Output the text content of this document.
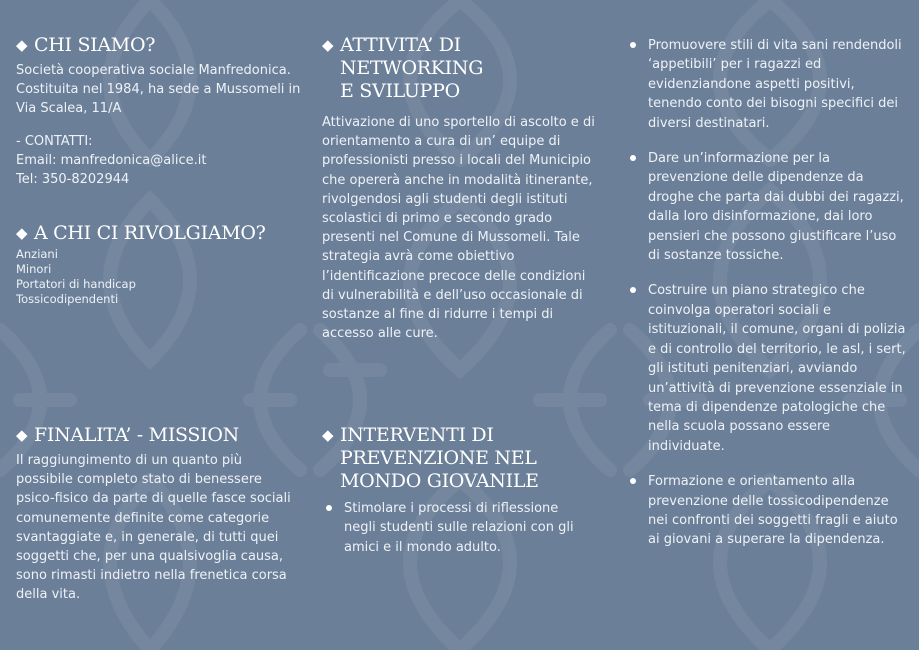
◆ CHI SIAMO?

Società cooperativa sociale Manfredonica. Costituita nel 1984, ha sede a Mussomeli in Via Scalea, 11/A

- CONTATTI:

Email: manfredonica@alice.it

Tel: 350-8202944

◆ A CHI CI RIVOLGIAMO?
Anziani
Minori
Portatori di handicap
Tossicodipendenti
◆ FINALITA’ - MISSION

Il raggiungimento di un quanto più possibile completo stato di benessere psico-fisico da parte di quelle fasce sociali comunemente definite come categorie svantaggiate e, in generale, di tutti quei soggetti che, per una qualsivoglia causa, sono rimasti indietro nella frenetica corsa della vita.

◆ ATTIVITA’ DI NETWORKING
E SVILUPPO

Attivazione di uno sportello di ascolto e di orientamento a cura di un’ equipe di professionisti presso i locali del Municipio che opererà anche in modalità itinerante, rivolgendosi agli studenti degli istituti scolastici di primo e secondo grado presenti nel Comune di Mussomeli. Tale strategia avrà come obiettivo l’identificazione precoce delle condizioni di vulnerabilità e dell’uso occasionale di sostanze al fine di ridurre i tempi di accesso alle cure.

◆ INTERVENTI DI
PREVENZIONE NEL
MONDO GIOVANILE
Stimolare i processi di riflessione negli studenti sulle relazioni con gli amici e il mondo adulto.
Promuovere stili di vita sani rendendoli ‘appetibili’ per i ragazzi ed evidenziandone aspetti positivi, tenendo conto dei bisogni specifici dei diversi destinatari.
Dare un’informazione per la prevenzione delle dipendenze da droghe che parta dai dubbi dei ragazzi, dalla loro disinformazione, dai loro pensieri che possono giustificare l’uso di sostanze tossiche.
Costruire un piano strategico che coinvolga operatori sociali e istituzionali, il comune, organi di polizia e di controllo del territorio, le asl, i sert, gli istituti penitenziari, avviando un’attività di prevenzione essenziale in tema di dipendenze patologiche che nella scuola possano essere individuate.
Formazione e orientamento alla prevenzione delle tossicodipendenze nei confronti dei soggetti fragli e aiuto ai giovani a superare la dipendenza.
